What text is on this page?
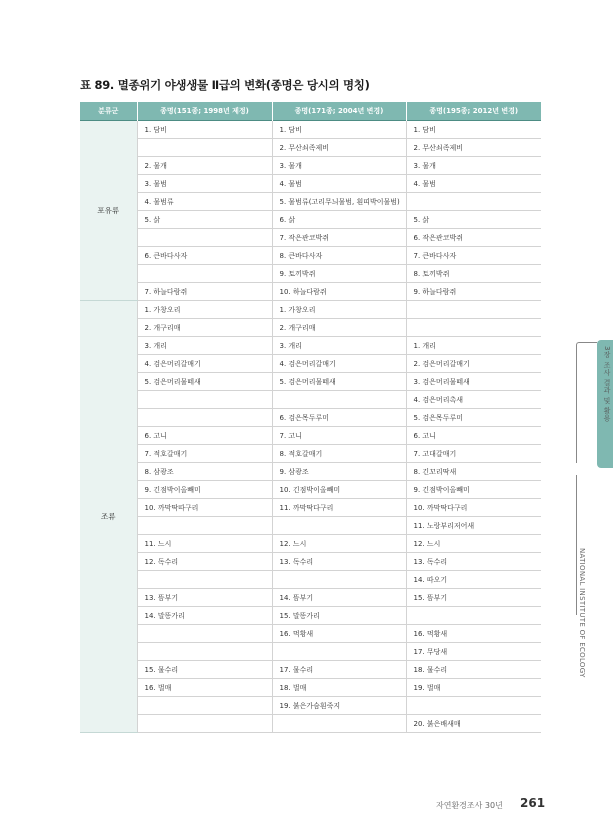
표 89. 멸종위기 야생생물 Ⅱ급의 변화(종명은 당시의 명칭)
분류군	종명(151종; 1998년 제정)	종명(171종; 2004년 변경)	종명(195종; 2012년 변경)
포유류	1. 담비	1. 담비	1. 담비
		2. 무산쇠족제비	2. 무산쇠족제비
	2. 물개	3. 물개	3. 물개
	3. 물범	4. 물범	4. 물범
	4. 물범류	5. 물범류(고리무늬물범, 흰띠박이물범)	
	5. 삵	6. 삵	5. 삵
		7. 작은관코박쥐	6. 작은관코박쥐
	6. 큰바다사자	8. 큰바다사자	7. 큰바다사자
		9. 토끼박쥐	8. 토끼박쥐
	7. 하늘다람쥐	10. 하늘다람쥐	9. 하늘다람쥐
조류	1. 가창오리	1. 가창오리	
	2. 개구리매	2. 개구리매	
	3. 개리	3. 개리	1. 개리
	4. 검은머리갈매기	4. 검은머리갈매기	2. 검은머리갈매기
	5. 검은머리물떼새	5. 검은머리물떼새	3. 검은머리물떼새
			4. 검은머리촉새
		6. 검은목두루미	5. 검은목두루미
	6. 고니	7. 고니	6. 고니
	7. 적호갈매기	8. 적호갈매기	7. 고대갈매기
	8. 삼광조	9. 삼광조	8. 긴꼬리딱새
	9. 긴점박이올빼미	10. 긴점박이올빼미	9. 긴점박이올빼미
	10. 까막딱따구리	11. 까막딱다구리	10. 까막딱다구리
			11. 노랑부리저어새
	11. 느시	12. 느시	12. 느시
	12. 독수리	13. 독수리	13. 독수리
			14. 따오기
	13. 뜸부기	14. 뜸부기	15. 뜸부기
	14. 말똥가리	15. 말똥가리	
		16. 먹황새	16. 먹황새
			17. 무당새
	15. 물수리	17. 물수리	18. 물수리
	16. 벌매	18. 벌매	19. 벌매
		19. 붉은가슴흰죽지	
			20. 붉은배새매
3장 조사 결과 및 활용
NATIONAL INSTITUTE OF ECOLOGY
자연환경조사 30년 261
